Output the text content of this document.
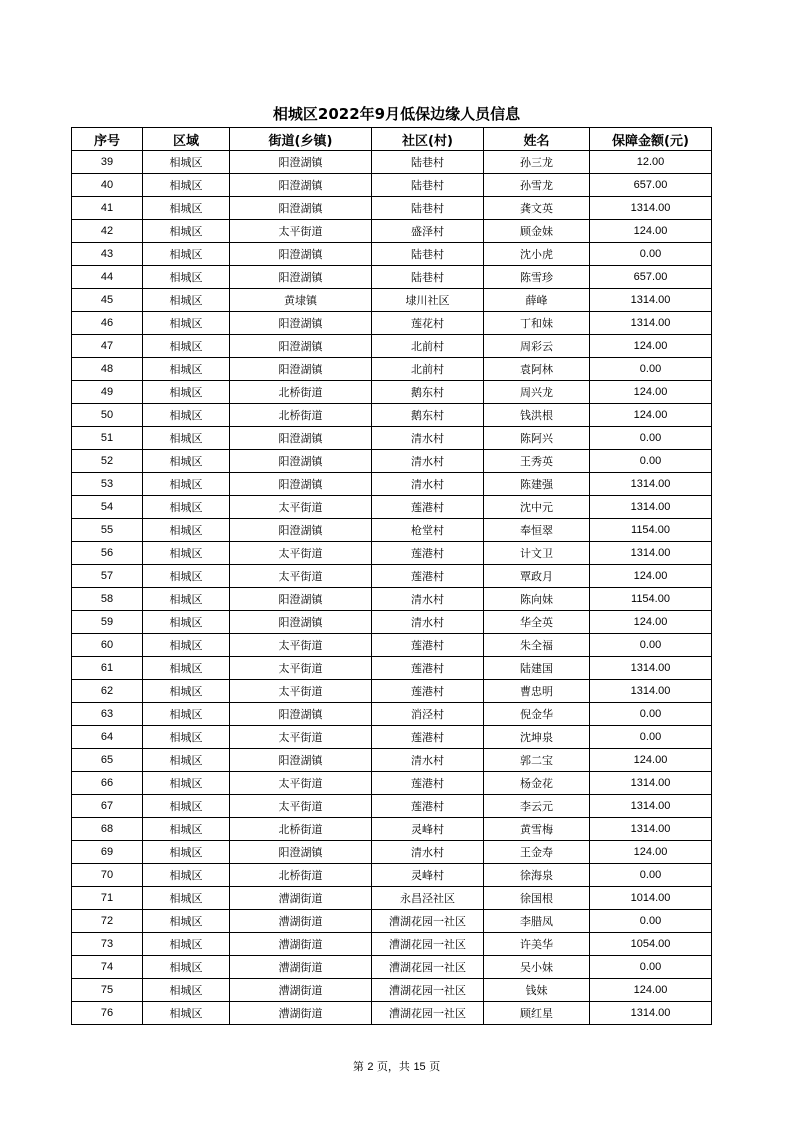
相城区2022年9月低保边缘人员信息
序号	区域	街道(乡镇)	社区(村)	姓名	保障金额(元)
39	相城区	阳澄湖镇	陆巷村	孙三龙	12.00
40	相城区	阳澄湖镇	陆巷村	孙雪龙	657.00
41	相城区	阳澄湖镇	陆巷村	龚文英	1314.00
42	相城区	太平街道	盛泽村	顾金妹	124.00
43	相城区	阳澄湖镇	陆巷村	沈小虎	0.00
44	相城区	阳澄湖镇	陆巷村	陈雪珍	657.00
45	相城区	黄埭镇	埭川社区	薛峰	1314.00
46	相城区	阳澄湖镇	莲花村	丁和妹	1314.00
47	相城区	阳澄湖镇	北前村	周彩云	124.00
48	相城区	阳澄湖镇	北前村	袁阿林	0.00
49	相城区	北桥街道	鹅东村	周兴龙	124.00
50	相城区	北桥街道	鹅东村	钱洪根	124.00
51	相城区	阳澄湖镇	清水村	陈阿兴	0.00
52	相城区	阳澄湖镇	清水村	王秀英	0.00
53	相城区	阳澄湖镇	清水村	陈建强	1314.00
54	相城区	太平街道	莲港村	沈中元	1314.00
55	相城区	阳澄湖镇	枪堂村	奉恒翠	1154.00
56	相城区	太平街道	莲港村	计文卫	1314.00
57	相城区	太平街道	莲港村	覃政月	124.00
58	相城区	阳澄湖镇	清水村	陈向妹	1154.00
59	相城区	阳澄湖镇	清水村	华全英	124.00
60	相城区	太平街道	莲港村	朱全福	0.00
61	相城区	太平街道	莲港村	陆建国	1314.00
62	相城区	太平街道	莲港村	曹忠明	1314.00
63	相城区	阳澄湖镇	消泾村	倪金华	0.00
64	相城区	太平街道	莲港村	沈坤泉	0.00
65	相城区	阳澄湖镇	清水村	郭二宝	124.00
66	相城区	太平街道	莲港村	杨金花	1314.00
67	相城区	太平街道	莲港村	李云元	1314.00
68	相城区	北桥街道	灵峰村	黄雪梅	1314.00
69	相城区	阳澄湖镇	清水村	王金寿	124.00
70	相城区	北桥街道	灵峰村	徐海泉	0.00
71	相城区	漕湖街道	永昌泾社区	徐国根	1014.00
72	相城区	漕湖街道	漕湖花园一社区	李腊凤	0.00
73	相城区	漕湖街道	漕湖花园一社区	许美华	1054.00
74	相城区	漕湖街道	漕湖花园一社区	吴小妹	0.00
75	相城区	漕湖街道	漕湖花园一社区	钱妹	124.00
76	相城区	漕湖街道	漕湖花园一社区	顾红星	1314.00
第 2 页，共 15 页
